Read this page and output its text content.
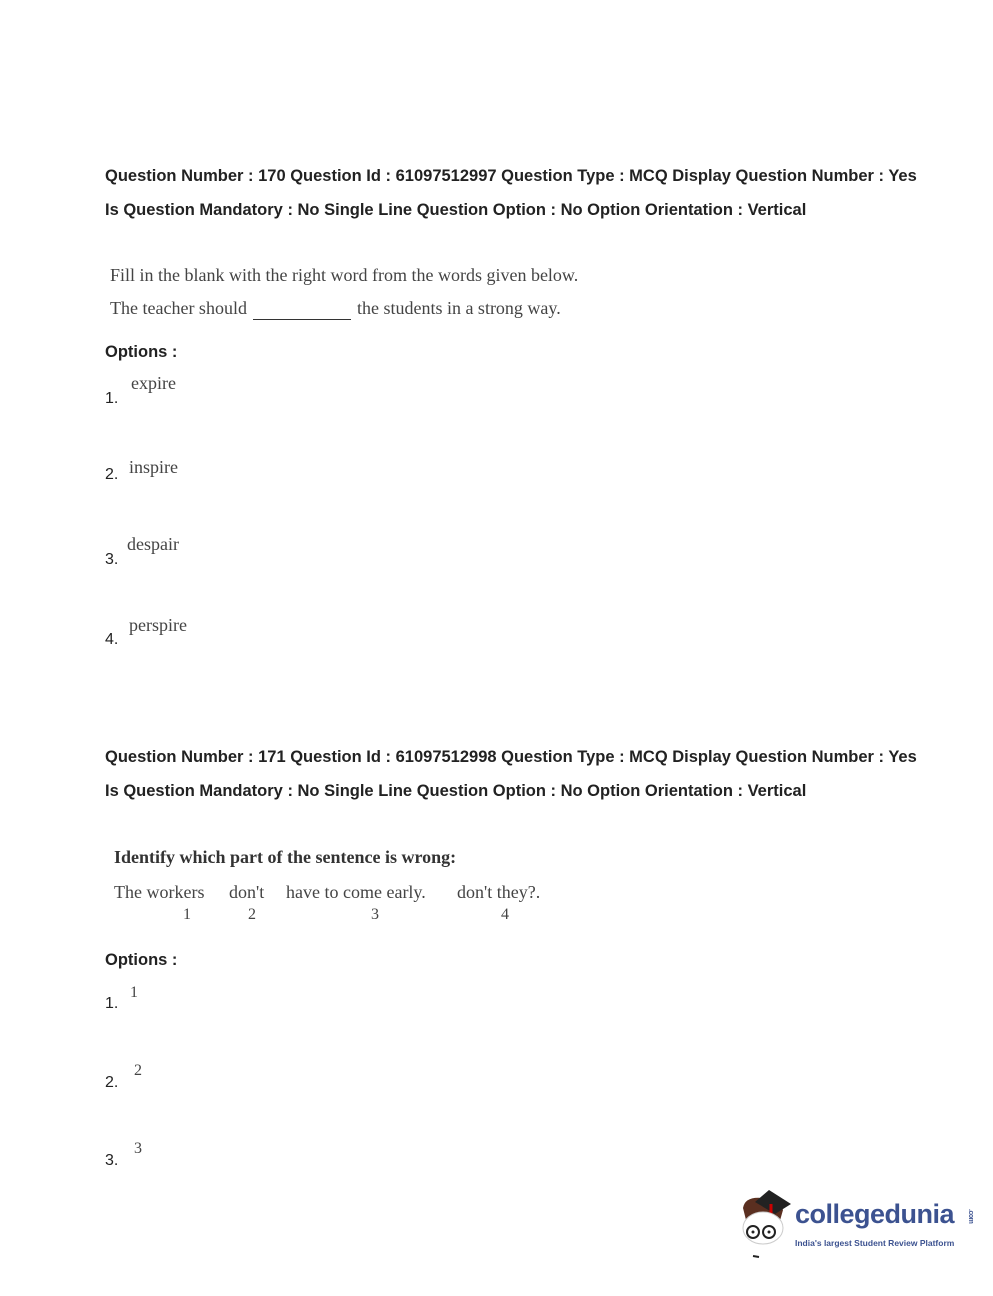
Question Number : 170 Question Id : 61097512997 Question Type : MCQ Display Question Number : Yes Is Question Mandatory : No Single Line Question Option : No Option Orientation : Vertical
Fill in the blank with the right word from the words given below.
The teacher should	the students in a strong way.
Options :
1.
expire
2. inspire
3.
despair
4.
perspire
Question Number : 171 Question Id : 61097512998 Question Type : MCQ Display Question Number : Yes Is Question Mandatory : No Single Line Question Option : No Option Orientation : Vertical
Identify which part of the sentence is wrong:
The workers don't have to come early. don't they?.
1	2	3	4
Options :
1.
1
2.
2
3.
3
collegedunia .com
India's largest Student Review Platform
